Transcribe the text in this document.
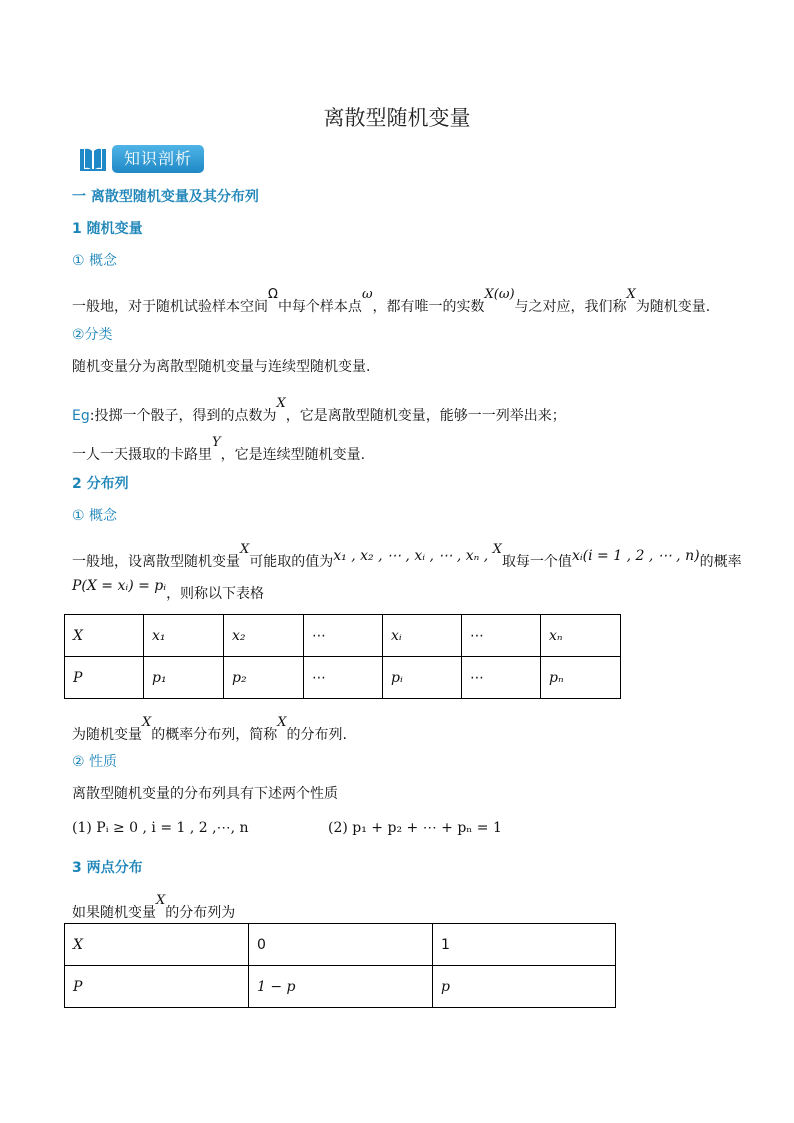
离散型随机变量
知识剖析
一 离散型随机变量及其分布列
1 随机变量
① 概念
一般地，对于随机试验样本空间Ω中每个样本点ω，都有唯一的实数X(ω)与之对应，我们称X为随机变量.
②分类
随机变量分为离散型随机变量与连续型随机变量.
Eg:投掷一个骰子，得到的点数为X，它是离散型随机变量，能够一一列举出来；
一人一天摄取的卡路里Y，它是连续型随机变量.
2 分布列
① 概念
一般地，设离散型随机变量X可能取的值为x₁ , x₂ , ⋯ , xᵢ , ⋯ , xₙ , X取每一个值xᵢ(i = 1 , 2 , ⋯ , n)的概率
P(X = xᵢ) = pᵢ，则称以下表格
X	x₁	x₂	⋯	xᵢ	⋯	xₙ
P	p₁	p₂	⋯	pᵢ	⋯	pₙ
为随机变量X的概率分布列，简称X的分布列.
② 性质
离散型随机变量的分布列具有下述两个性质
(1) Pᵢ ≥ 0 , i = 1 , 2 ,⋯, n	(2) p₁ + p₂ + ⋯ + pₙ = 1
3 两点分布
如果随机变量X的分布列为
X	0	1
P	1 − p	p
